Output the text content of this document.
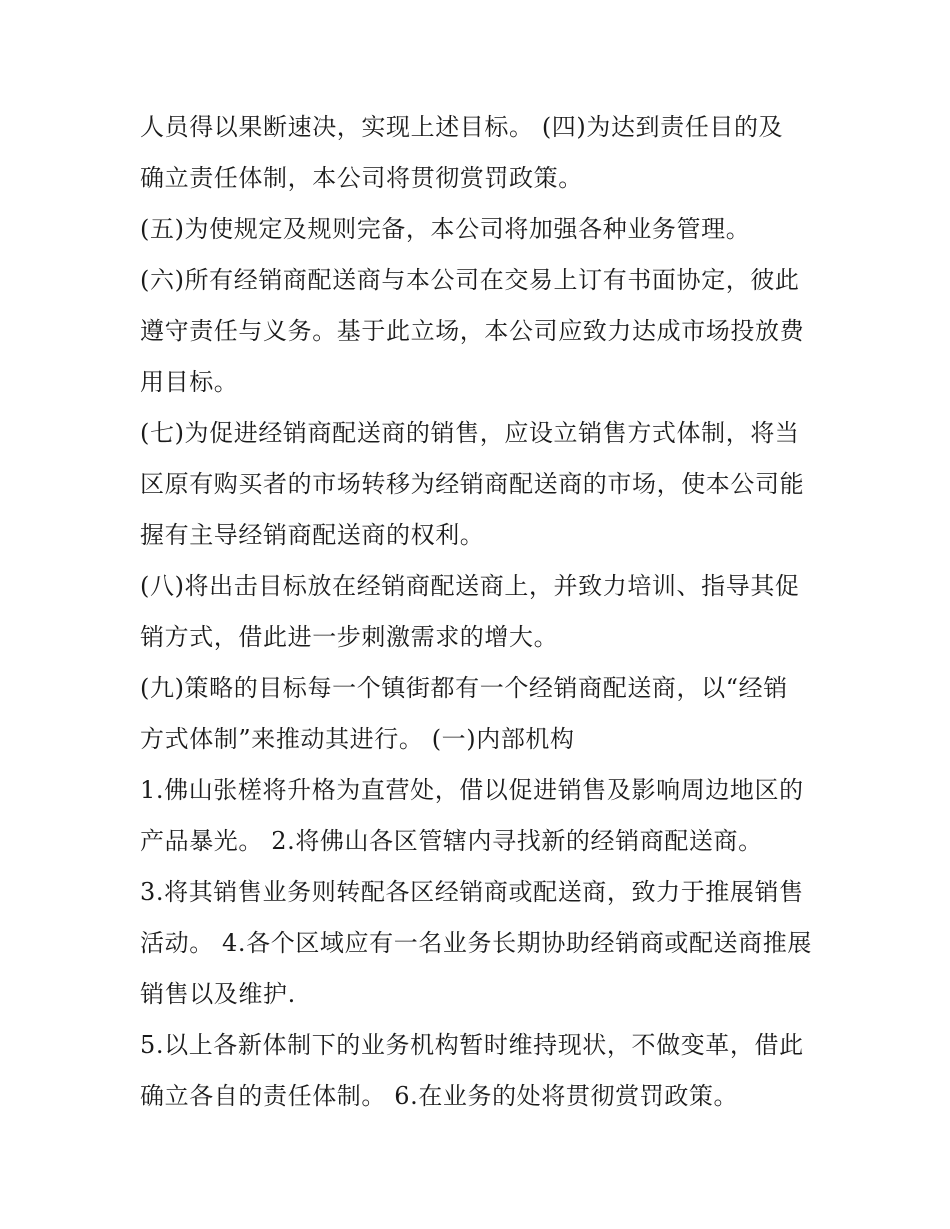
人员得以果断速决，实现上述目标。 (四)为达到责任目的及
确立责任体制，本公司将贯彻赏罚政策。
(五)为使规定及规则完备，本公司将加强各种业务管理。
(六)所有经销商配送商与本公司在交易上订有书面协定，彼此
遵守责任与义务。基于此立场，本公司应致力达成市场投放费
用目标。
(七)为促进经销商配送商的销售，应设立销售方式体制，将当
区原有购买者的市场转移为经销商配送商的市场，使本公司能
握有主导经销商配送商的权利。
(八)将出击目标放在经销商配送商上，并致力培训、指导其促
销方式，借此进一步刺激需求的增大。
(九)策略的目标每一个镇街都有一个经销商配送商，以“经销
方式体制”来推动其进行。 (一)内部机构
1.佛山张槎将升格为直营处，借以促进销售及影响周边地区的
产品暴光。 2.将佛山各区管辖内寻找新的经销商配送商。
3.将其销售业务则转配各区经销商或配送商，致力于推展销售
活动。 4.各个区域应有一名业务长期协助经销商或配送商推展
销售以及维护.
5.以上各新体制下的业务机构暂时维持现状，不做变革，借此
确立各自的责任体制。 6.在业务的处将贯彻赏罚政策。
